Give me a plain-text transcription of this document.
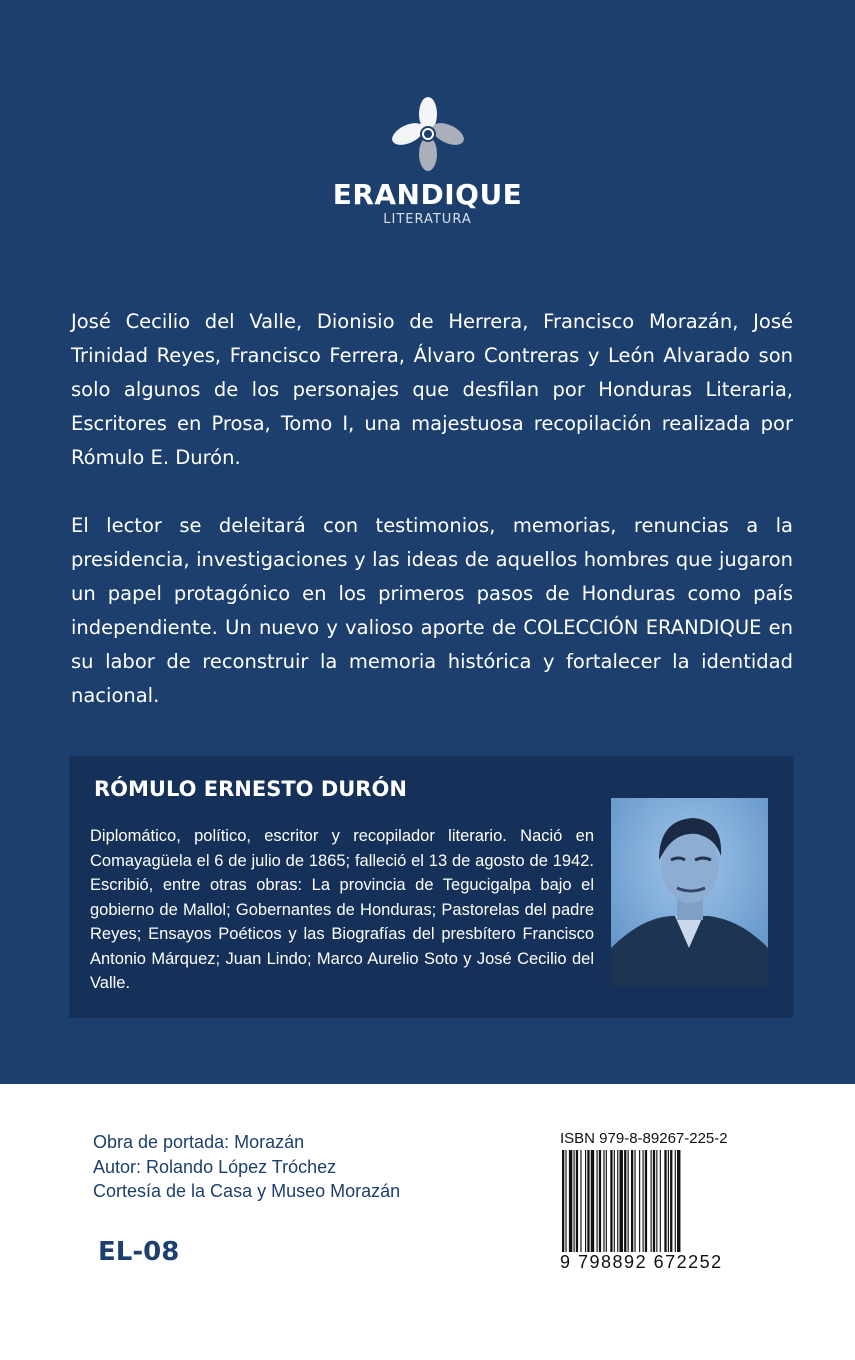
ERANDIQUE
LITERATURA

José Cecilio del Valle, Dionisio de Herrera, Francisco Morazán, José Trinidad Reyes, Francisco Ferrera, Álvaro Contreras y León Alvarado son solo algunos de los personajes que desfilan por Honduras Literaria, Escritores en Prosa, Tomo I, una majestuosa recopilación realizada por Rómulo E. Durón.

El lector se deleitará con testimonios, memorias, renuncias a la presidencia, investigaciones y las ideas de aquellos hombres que jugaron un papel protagónico en los primeros pasos de Honduras como país independiente. Un nuevo y valioso aporte de COLECCIÓN ERANDIQUE en su labor de reconstruir la memoria histórica y fortalecer la identidad nacional.

RÓMULO ERNESTO DURÓN

Diplomático, político, escritor y recopilador literario. Nació en Comayagüela el 6 de julio de 1865; falleció el 13 de agosto de 1942. Escribió, entre otras obras: La provincia de Tegucigalpa bajo el gobierno de Mallol; Gobernantes de Honduras; Pastorelas del padre Reyes; Ensayos Poéticos y las Biografías del presbítero Francisco Antonio Márquez; Juan Lindo; Marco Aurelio Soto y José Cecilio del Valle.

Obra de portada: Morazán
Autor: Rolando López Tróchez
Cortesía de la Casa y Museo Morazán

EL-08

ISBN 979-8-89267-225-2
9 798892 672252
